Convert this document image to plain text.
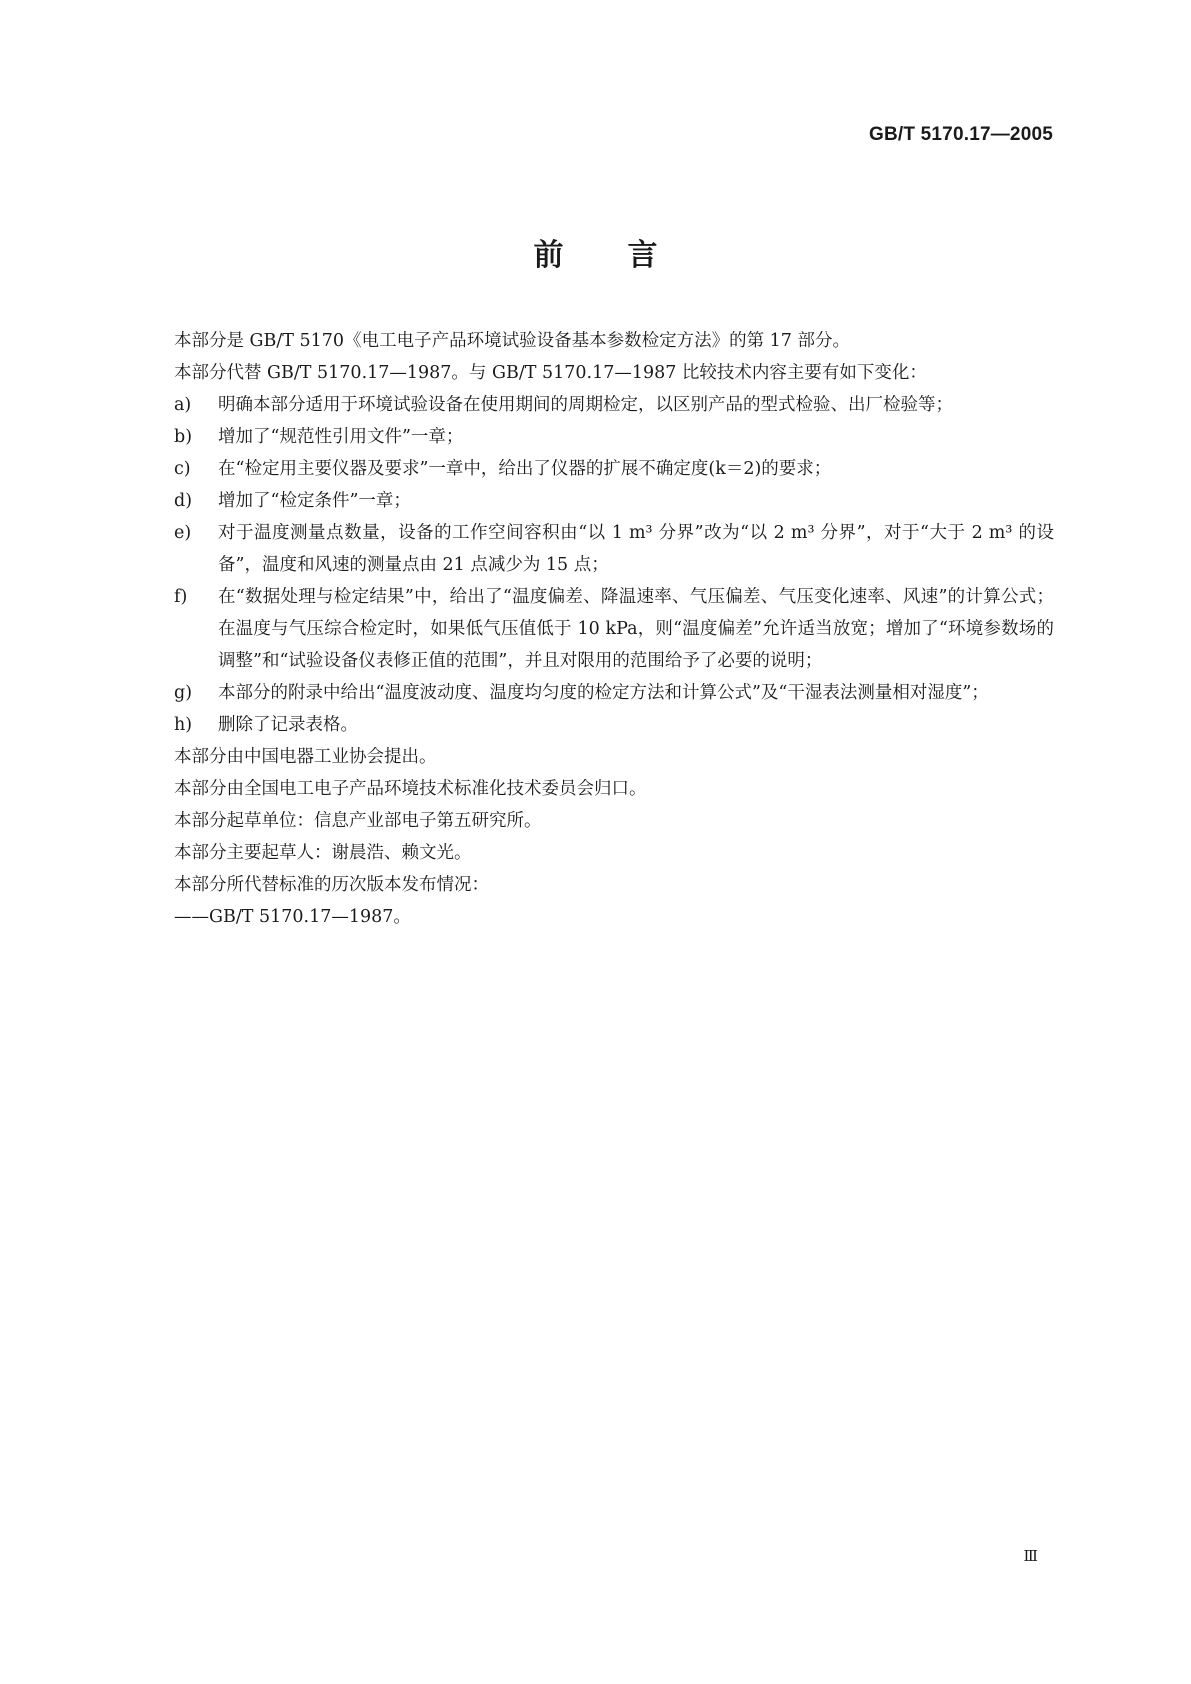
GB/T 5170.17—2005
前 言

本部分是 GB/T 5170《电工电子产品环境试验设备基本参数检定方法》的第 17 部分。

本部分代替 GB/T 5170.17—1987。与 GB/T 5170.17—1987 比较技术内容主要有如下变化：

a)	明确本部分适用于环境试验设备在使用期间的周期检定，以区别产品的型式检验、出厂检验等；
b)	增加了“规范性引用文件”一章；
c)	在“检定用主要仪器及要求”一章中，给出了仪器的扩展不确定度(k＝2)的要求；
d)	增加了“检定条件”一章；
e)	对于温度测量点数量，设备的工作空间容积由“以 1 m³ 分界”改为“以 2 m³ 分界”，对于“大于 2 m³ 的设备”，温度和风速的测量点由 21 点减少为 15 点；
f)	在“数据处理与检定结果”中，给出了“温度偏差、降温速率、气压偏差、气压变化速率、风速”的计算公式；在温度与气压综合检定时，如果低气压值低于 10 kPa，则“温度偏差”允许适当放宽；增加了“环境参数场的调整”和“试验设备仪表修正值的范围”，并且对限用的范围给予了必要的说明；
g)	本部分的附录中给出“温度波动度、温度均匀度的检定方法和计算公式”及“干湿表法测量相对湿度”；
h)	删除了记录表格。

本部分由中国电器工业协会提出。

本部分由全国电工电子产品环境技术标准化技术委员会归口。

本部分起草单位：信息产业部电子第五研究所。

本部分主要起草人：谢晨浩、赖文光。

本部分所代替标准的历次版本发布情况：

——GB/T 5170.17—1987。

Ⅲ
